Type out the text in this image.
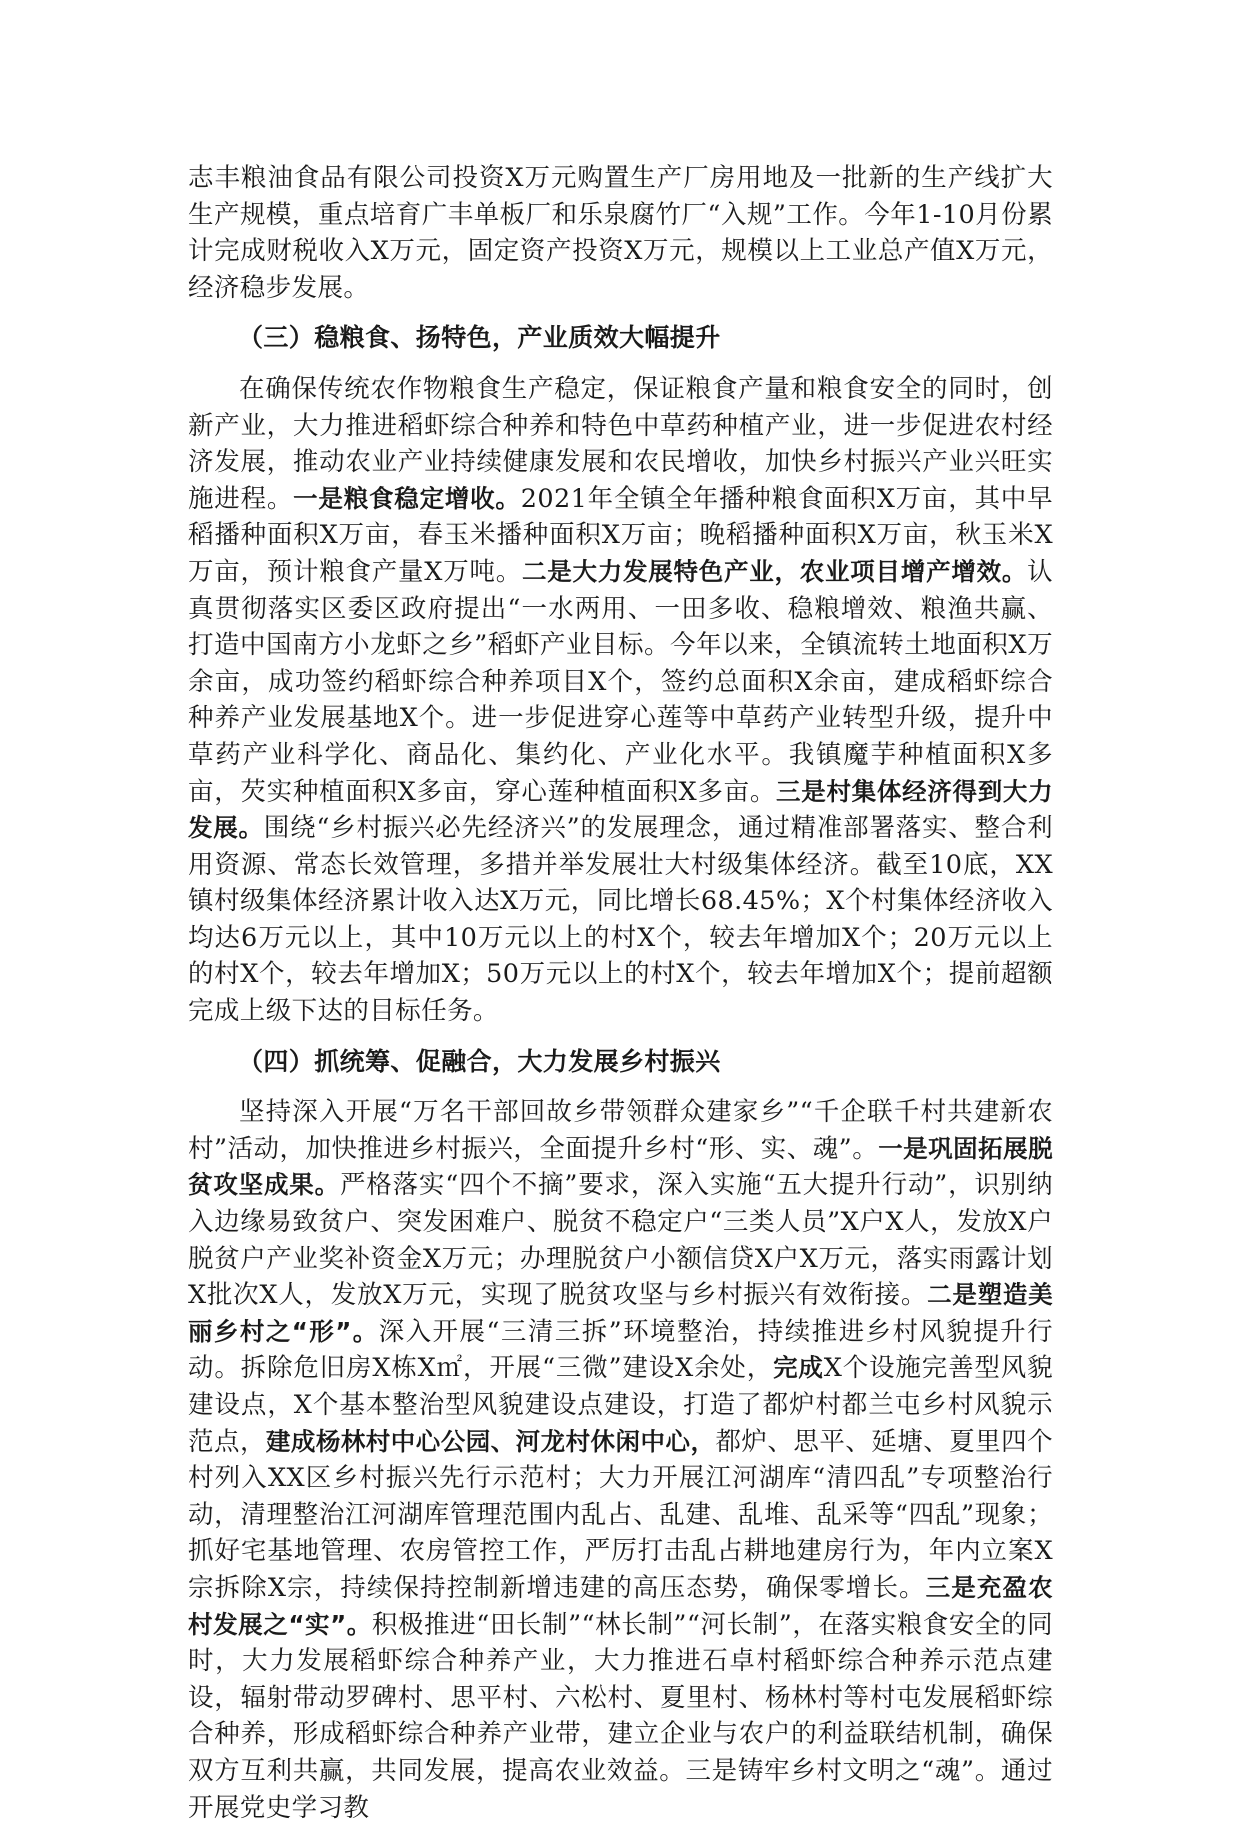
志丰粮油食品有限公司投资X万元购置生产厂房用地及一批新的生产线扩大生产规模，重点培育广丰单板厂和乐泉腐竹厂“入规”工作。今年1-10月份累计完成财税收入X万元，固定资产投资X万元，规模以上工业总产值X万元，经济稳步发展。

（三）稳粮食、扬特色，产业质效大幅提升

在确保传统农作物粮食生产稳定，保证粮食产量和粮食安全的同时，创新产业，大力推进稻虾综合种养和特色中草药种植产业，进一步促进农村经济发展，推动农业产业持续健康发展和农民增收，加快乡村振兴产业兴旺实施进程。一是粮食稳定增收。2021年全镇全年播种粮食面积X万亩，其中早稻播种面积X万亩，春玉米播种面积X万亩；晚稻播种面积X万亩，秋玉米X万亩，预计粮食产量X万吨。二是大力发展特色产业，农业项目增产增效。认真贯彻落实区委区政府提出“一水两用、一田多收、稳粮增效、粮渔共赢、打造中国南方小龙虾之乡”稻虾产业目标。今年以来，全镇流转土地面积X万余亩，成功签约稻虾综合种养项目X个，签约总面积X余亩，建成稻虾综合种养产业发展基地X个。进一步促进穿心莲等中草药产业转型升级，提升中草药产业科学化、商品化、集约化、产业化水平。我镇魔芋种植面积X多亩，芡实种植面积X多亩，穿心莲种植面积X多亩。三是村集体经济得到大力发展。围绕“乡村振兴必先经济兴”的发展理念，通过精准部署落实、整合利用资源、常态长效管理，多措并举发展壮大村级集体经济。截至10底，XX镇村级集体经济累计收入达X万元，同比增长68.45%；X个村集体经济收入均达6万元以上，其中10万元以上的村X个，较去年增加X个；20万元以上的村X个，较去年增加X；50万元以上的村X个，较去年增加X个；提前超额完成上级下达的目标任务。

（四）抓统筹、促融合，大力发展乡村振兴

坚持深入开展“万名干部回故乡带领群众建家乡”“千企联千村共建新农村”活动，加快推进乡村振兴，全面提升乡村“形、实、魂”。一是巩固拓展脱贫攻坚成果。严格落实“四个不摘”要求，深入实施“五大提升行动”，识别纳入边缘易致贫户、突发困难户、脱贫不稳定户“三类人员”X户X人，发放X户脱贫户产业奖补资金X万元；办理脱贫户小额信贷X户X万元，落实雨露计划X批次X人，发放X万元，实现了脱贫攻坚与乡村振兴有效衔接。二是塑造美丽乡村之“形”。深入开展“三清三拆”环境整治，持续推进乡村风貌提升行动。拆除危旧房X栋X㎡，开展“三微”建设X余处，完成X个设施完善型风貌建设点，X个基本整治型风貌建设点建设，打造了都炉村都兰屯乡村风貌示范点，建成杨林村中心公园、河龙村休闲中心，都炉、思平、延塘、夏里四个村列入XX区乡村振兴先行示范村；大力开展江河湖库“清四乱”专项整治行动，清理整治江河湖库管理范围内乱占、乱建、乱堆、乱采等“四乱”现象；抓好宅基地管理、农房管控工作，严厉打击乱占耕地建房行为，年内立案X宗拆除X宗，持续保持控制新增违建的高压态势，确保零增长。三是充盈农村发展之“实”。积极推进“田长制”“林长制”“河长制”，在落实粮食安全的同时，大力发展稻虾综合种养产业，大力推进石卓村稻虾综合种养示范点建设，辐射带动罗碑村、思平村、六松村、夏里村、杨林村等村屯发展稻虾综合种养，形成稻虾综合种养产业带，建立企业与农户的利益联结机制，确保双方互利共赢，共同发展，提高农业效益。三是铸牢乡村文明之“魂”。通过开展党史学习教
